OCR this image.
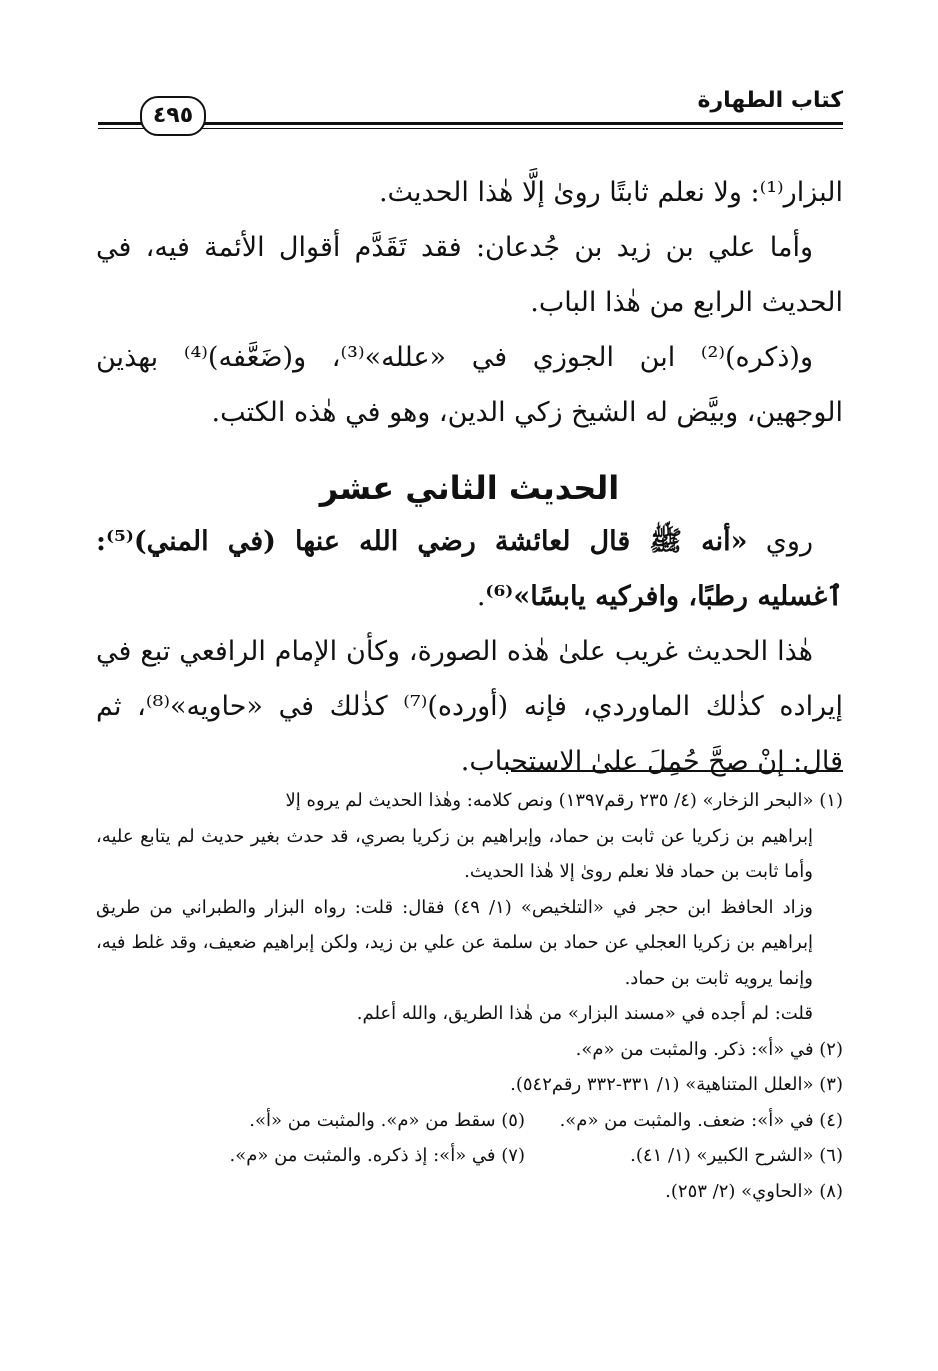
كتاب الطهارة
٤٩٥

البزار⁽¹⁾: ولا نعلم ثابتًا رویٰ إلَّا هٰذا الحديث.

وأما علي بن زيد بن جُدعان: فقد تَقَدَّم أقوال الأئمة فيه، في الحديث الرابع من هٰذا الباب.

و(ذكره)⁽²⁾ ابن الجوزي في «علله»⁽³⁾، و(ضَعَّفه)⁽⁴⁾ بهذين الوجهين، وبيَّض له الشيخ زكي الدين، وهو في هٰذه الكتب.

الحديث الثاني عشر

روي «أنه ﷺ قال لعائشة رضي الله عنها (في المني)⁽⁵⁾: ٱغسليه رطبًا، وافركيه يابسًا»⁽⁶⁾.

هٰذا الحديث غريب علىٰ هٰذه الصورة، وكأن الإمام الرافعي تبع في إيراده كذٰلك الماوردي، فإنه (أورده)⁽⁷⁾ كذٰلك في «حاويه»⁽⁸⁾، ثم قال: إنْ صحَّ حُمِلَ علىٰ الاستحباب.

(١) «البحر الزخار» (٤/ ٢٣٥ رقم١٣٩٧) ونص كلامه: وهٰذا الحديث لم يروه إلا

إبراهيم بن زكريا عن ثابت بن حماد، وإبراهيم بن زكريا بصري، قد حدث بغير حديث لم يتابع عليه، وأما ثابت بن حماد فلا نعلم روىٰ إلا هٰذا الحديث.

وزاد الحافظ ابن حجر في «التلخيص» (١/ ٤٩) فقال: قلت: رواه البزار والطبراني من طريق إبراهيم بن زكريا العجلي عن حماد بن سلمة عن علي بن زيد، ولكن إبراهيم ضعيف، وقد غلط فيه، وإنما يرويه ثابت بن حماد.

قلت: لم أجده في «مسند البزار» من هٰذا الطريق، والله أعلم.

(٢) في «أ»: ذكر. والمثبت من «م».

(٣) «العلل المتناهية» (١/ ٣٣١-٣٣٢ رقم٥٤٢).

(٤) في «أ»: ضعف. والمثبت من «م».
(٥) سقط من «م». والمثبت من «أ».
(٦) «الشرح الكبير» (١/ ٤١).
(٧) في «أ»: إذ ذكره. والمثبت من «م».

(٨) «الحاوي» (٢/ ٢٥٣).
